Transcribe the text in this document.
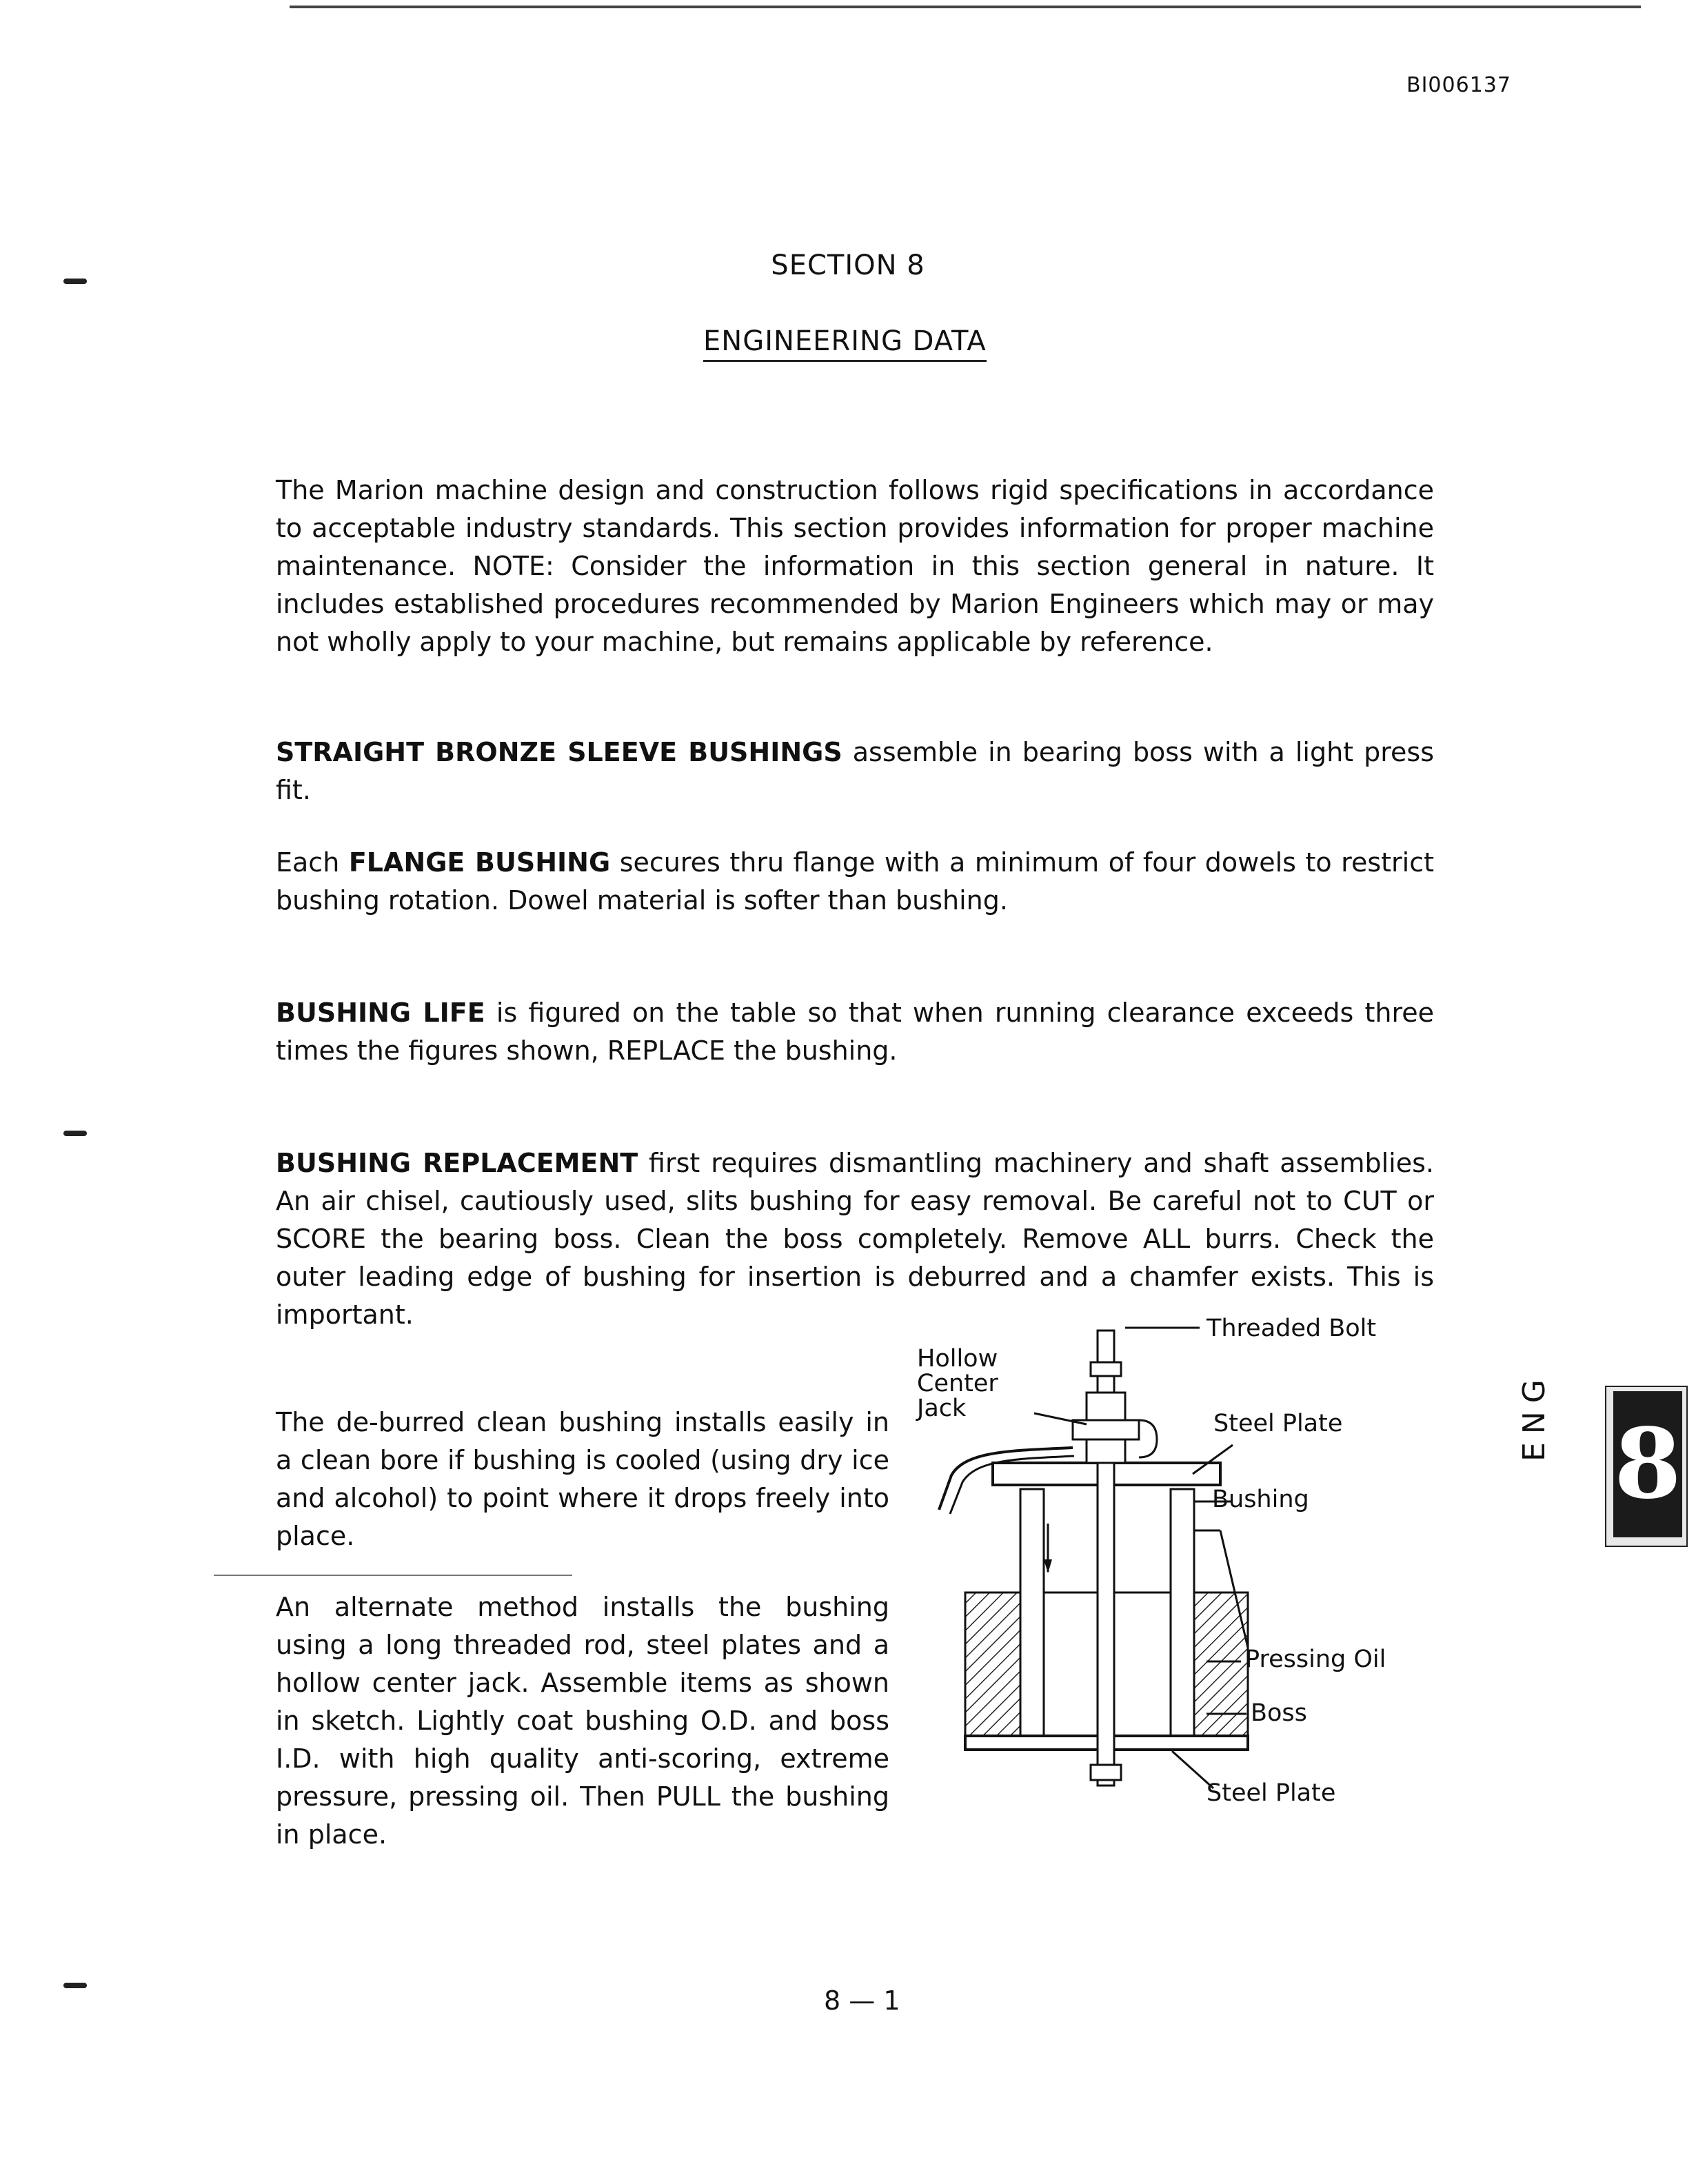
BI006137
SECTION 8
ENGINEERING DATA
The Marion machine design and construction follows rigid specifications in accordance to acceptable industry standards. This section provides information for proper machine maintenance. NOTE: Consider the information in this section general in nature. It includes established procedures recommended by Marion Engineers which may or may not wholly apply to your machine, but remains applicable by reference.
STRAIGHT BRONZE SLEEVE BUSHINGS assemble in bearing boss with a light press fit.
Each FLANGE BUSHING secures thru flange with a minimum of four dowels to restrict bushing rotation. Dowel material is softer than bushing.
BUSHING LIFE is figured on the table so that when running clearance exceeds three times the figures shown, REPLACE the bushing.
BUSHING REPLACEMENT first requires dismantling machinery and shaft assemblies. An air chisel, cautiously used, slits bushing for easy removal. Be careful not to CUT or SCORE the bearing boss. Clean the boss completely. Remove ALL burrs. Check the outer leading edge of bushing for insertion is deburred and a chamfer exists. This is important.
The de-burred clean bushing installs easily in a clean bore if bushing is cooled (using dry ice and alcohol) to point where it drops freely into place.
An alternate method installs the bushing using a long threaded rod, steel plates and a hollow center jack. Assemble items as shown in sketch. Lightly coat bushing O.D. and boss I.D. with high quality anti-scoring, extreme pressure, pressing oil. Then PULL the bushing in place.
Hollow
Center
Jack
Threaded Bolt
Steel Plate
Bushing
Pressing Oil
Boss
Steel Plate
8 — 1
8
ENG
